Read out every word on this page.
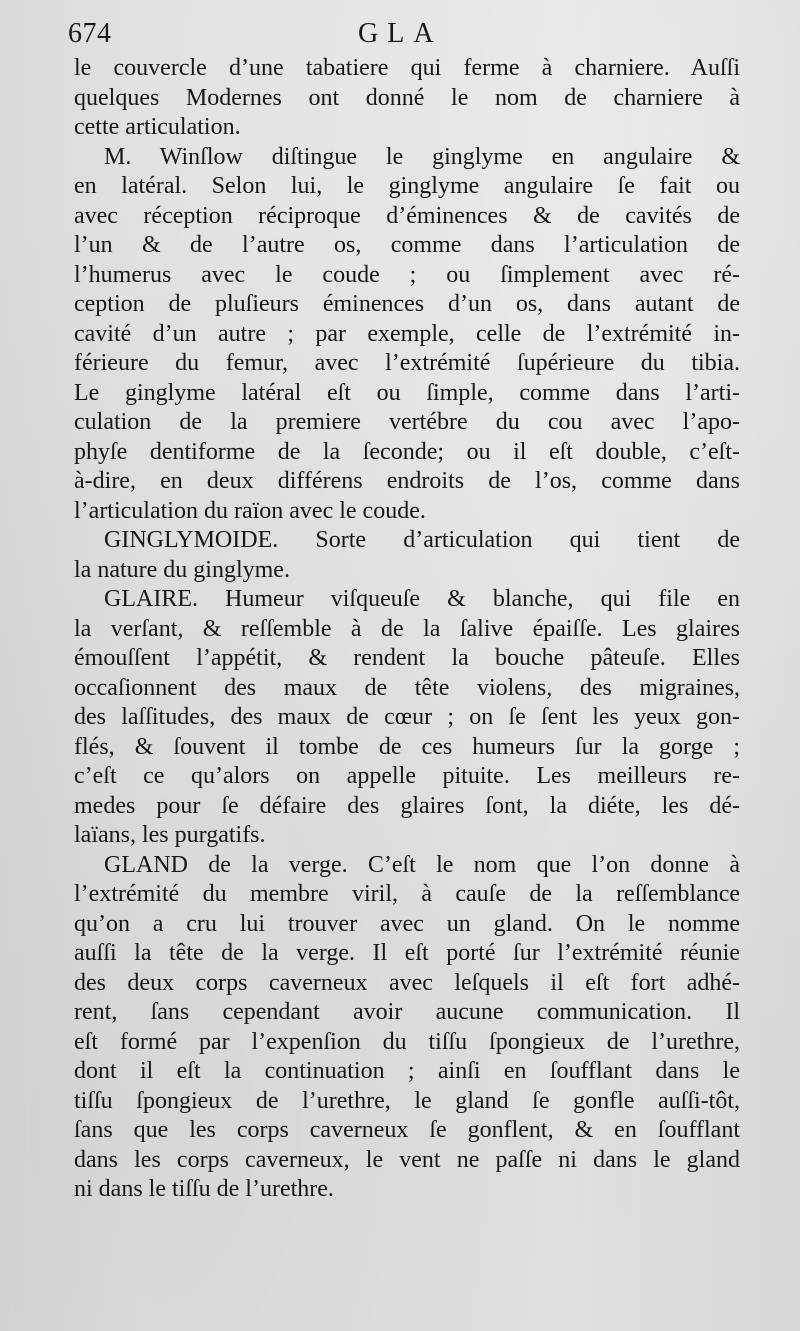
674	GLA
le couvercle d’une tabatiere qui ferme à charniere. Auſſi
quelques Modernes ont donné le nom de charniere à
cette articulation.
M. Winſlow diſtingue le ginglyme en angulaire &
en latéral. Selon lui, le ginglyme angulaire ſe fait ou
avec réception réciproque d’éminences & de cavités de
l’un & de l’autre os, comme dans l’articulation de
l’humerus avec le coude ; ou ſimplement avec ré-
ception de pluſieurs éminences d’un os, dans autant de
cavité d’un autre ; par exemple, celle de l’extrémité in-
férieure du femur, avec l’extrémité ſupérieure du tibia.
Le ginglyme latéral eſt ou ſimple, comme dans l’arti-
culation de la premiere vertébre du cou avec l’apo-
phyſe dentiforme de la ſeconde; ou il eſt double, c’eſt-
à-dire, en deux différens endroits de l’os, comme dans
l’articulation du raïon avec le coude.
GINGLYMOIDE. Sorte d’articulation qui tient de
la nature du ginglyme.
GLAIRE. Humeur viſqueuſe & blanche, qui file en
la verſant, & reſſemble à de la ſalive épaiſſe. Les glaires
émouſſent l’appétit, & rendent la bouche pâteuſe. Elles
occaſionnent des maux de tête violens, des migraines,
des laſſitudes, des maux de cœur ; on ſe ſent les yeux gon-
flés, & ſouvent il tombe de ces humeurs ſur la gorge ;
c’eſt ce qu’alors on appelle pituite. Les meilleurs re-
medes pour ſe défaire des glaires ſont, la diéte, les dé-
laïans, les purgatifs.
GLAND de la verge. C’eſt le nom que l’on donne à
l’extrémité du membre viril, à cauſe de la reſſemblance
qu’on a cru lui trouver avec un gland. On le nomme
auſſi la tête de la verge. Il eſt porté ſur l’extrémité réunie
des deux corps caverneux avec leſquels il eſt fort adhé-
rent, ſans cependant avoir aucune communication. Il
eſt formé par l’expenſion du tiſſu ſpongieux de l’urethre,
dont il eſt la continuation ; ainſi en ſoufflant dans le
tiſſu ſpongieux de l’urethre, le gland ſe gonfle auſſi-tôt,
ſans que les corps caverneux ſe gonflent, & en ſoufflant
dans les corps caverneux, le vent ne paſſe ni dans le gland
ni dans le tiſſu de l’urethre.
